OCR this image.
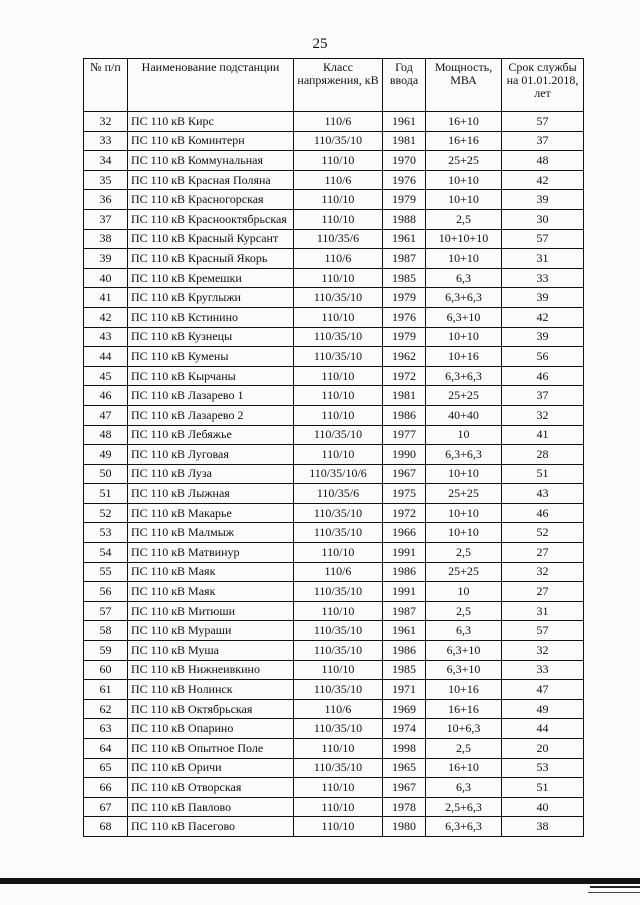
25
№ п/п	Наименование подстанции	Класс напряжения, кВ	Год ввода	Мощность, МВА	Срок службы на 01.01.2018, лет
32	ПС 110 кВ Кирс	110/6	1961	16+10	57
33	ПС 110 кВ Коминтерн	110/35/10	1981	16+16	37
34	ПС 110 кВ Коммунальная	110/10	1970	25+25	48
35	ПС 110 кВ Красная Поляна	110/6	1976	10+10	42
36	ПС 110 кВ Красногорская	110/10	1979	10+10	39
37	ПС 110 кВ Краснооктябрьская	110/10	1988	2,5	30
38	ПС 110 кВ Красный Курсант	110/35/6	1961	10+10+10	57
39	ПС 110 кВ Красный Якорь	110/6	1987	10+10	31
40	ПС 110 кВ Кремешки	110/10	1985	6,3	33
41	ПС 110 кВ Круглыжи	110/35/10	1979	6,3+6,3	39
42	ПС 110 кВ Кстинино	110/10	1976	6,3+10	42
43	ПС 110 кВ Кузнецы	110/35/10	1979	10+10	39
44	ПС 110 кВ Кумены	110/35/10	1962	10+16	56
45	ПС 110 кВ Кырчаны	110/10	1972	6,3+6,3	46
46	ПС 110 кВ Лазарево 1	110/10	1981	25+25	37
47	ПС 110 кВ Лазарево 2	110/10	1986	40+40	32
48	ПС 110 кВ Лебяжье	110/35/10	1977	10	41
49	ПС 110 кВ Луговая	110/10	1990	6,3+6,3	28
50	ПС 110 кВ Луза	110/35/10/6	1967	10+10	51
51	ПС 110 кВ Лыжная	110/35/6	1975	25+25	43
52	ПС 110 кВ Макарье	110/35/10	1972	10+10	46
53	ПС 110 кВ Малмыж	110/35/10	1966	10+10	52
54	ПС 110 кВ Матвинур	110/10	1991	2,5	27
55	ПС 110 кВ Маяк	110/6	1986	25+25	32
56	ПС 110 кВ Маяк	110/35/10	1991	10	27
57	ПС 110 кВ Митюши	110/10	1987	2,5	31
58	ПС 110 кВ Мураши	110/35/10	1961	6,3	57
59	ПС 110 кВ Муша	110/35/10	1986	6,3+10	32
60	ПС 110 кВ Нижнеивкино	110/10	1985	6,3+10	33
61	ПС 110 кВ Нолинск	110/35/10	1971	10+16	47
62	ПС 110 кВ Октябрьская	110/6	1969	16+16	49
63	ПС 110 кВ Опарино	110/35/10	1974	10+6,3	44
64	ПС 110 кВ Опытное Поле	110/10	1998	2,5	20
65	ПС 110 кВ Оричи	110/35/10	1965	16+10	53
66	ПС 110 кВ Отворская	110/10	1967	6,3	51
67	ПС 110 кВ Павлово	110/10	1978	2,5+6,3	40
68	ПС 110 кВ Пасегово	110/10	1980	6,3+6,3	38
